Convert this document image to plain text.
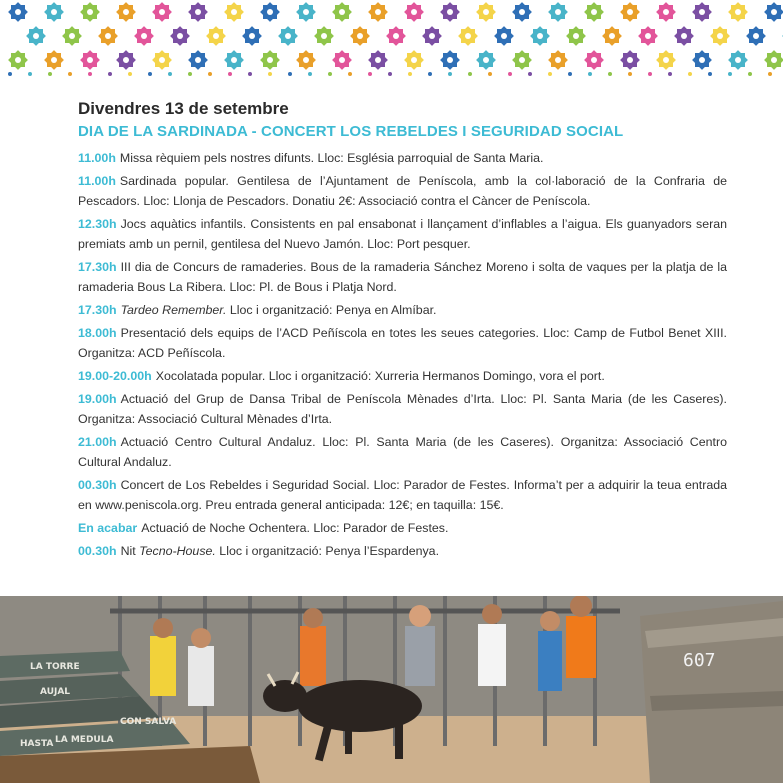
Divendres 13 de setembre
DIA DE LA SARDINADA - CONCERT LOS REBELDES I SEGURIDAD SOCIAL

11.00h Missa rèquiem pels nostres difunts. Lloc: Església parroquial de Santa Maria.

11.00h Sardinada popular. Gentilesa de l’Ajuntament de Peníscola, amb la col·laboració de la Confraria de Pescadors. Lloc: Llonja de Pescadors. Donatiu 2€: Associació contra el Càncer de Peníscola.

12.30h Jocs aquàtics infantils. Consistents en pal ensabonat i llançament d’inflables a l’aigua. Els guanyadors seran premiats amb un pernil, gentilesa del Nuevo Jamón. Lloc: Port pesquer.

17.30h III dia de Concurs de ramaderies. Bous de la ramaderia Sánchez Moreno i solta de vaques per la platja de la ramaderia Bous La Ribera. Lloc: Pl. de Bous i Platja Nord.

17.30h Tardeo Remember. Lloc i organització: Penya en Almíbar.

18.00h Presentació dels equips de l’ACD Peñíscola en totes les seues categories. Lloc: Camp de Futbol Benet XIII. Organitza: ACD Peñíscola.

19.00-20.00h Xocolatada popular. Lloc i organització: Xurreria Hermanos Domingo, vora el port.

19.00h Actuació del Grup de Dansa Tribal de Peníscola Mènades d’Irta. Lloc: Pl. Santa Maria (de les Caseres). Organitza: Associació Cultural Mènades d’Irta.

21.00h Actuació Centro Cultural Andaluz. Lloc: Pl. Santa Maria (de les Caseres). Organitza: Associació Centro Cultural Andaluz.

00.30h Concert de Los Rebeldes i Seguridad Social. Lloc: Parador de Festes. Informa’t per a adquirir la teua entrada en www.peniscola.org. Preu entrada general anticipada: 12€; en taquilla: 15€.

En acabar Actuació de Noche Ochentera. Lloc: Parador de Festes.

00.30h Nit Tecno-House. Lloc i organització: Penya l’Espardenya.

LA TORRE
AUJAL
LA MEDULA
CON SALVA
HASTA
607
